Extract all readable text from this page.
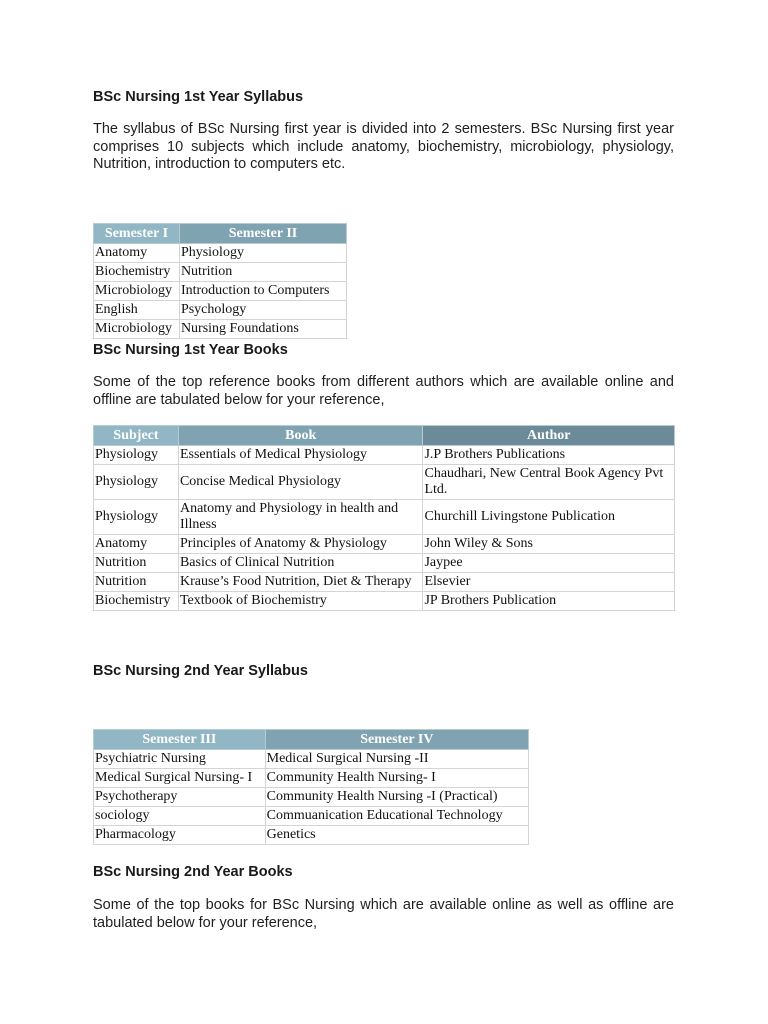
BSc Nursing 1st Year Syllabus

The syllabus of BSc Nursing first year is divided into 2 semesters. BSc Nursing first year comprises 10 subjects which include anatomy, biochemistry, microbiology, physiology, Nutrition, introduction to computers etc.

Semester I	Semester II
Anatomy	Physiology
Biochemistry	Nutrition
Microbiology	Introduction to Computers
English	Psychology
Microbiology	Nursing Foundations
BSc Nursing 1st Year Books

Some of the top reference books from different authors which are available online and offline are tabulated below for your reference,

Subject	Book	Author
Physiology	Essentials of Medical Physiology	J.P Brothers Publications
Physiology	Concise Medical Physiology	Chaudhari, New Central Book Agency Pvt Ltd.
Physiology	Anatomy and Physiology in health and Illness	Churchill Livingstone Publication
Anatomy	Principles of Anatomy & Physiology	John Wiley & Sons
Nutrition	Basics of Clinical Nutrition	Jaypee
Nutrition	Krause’s Food Nutrition, Diet & Therapy	Elsevier
Biochemistry	Textbook of Biochemistry	JP Brothers Publication
BSc Nursing 2nd Year Syllabus
Semester III	Semester IV
Psychiatric Nursing	Medical Surgical Nursing -II
Medical Surgical Nursing- I	Community Health Nursing- I
Psychotherapy	Community Health Nursing -I (Practical)
sociology	Commuanication Educational Technology
Pharmacology	Genetics
BSc Nursing 2nd Year Books

Some of the top books for BSc Nursing which are available online as well as offline are tabulated below for your reference,
